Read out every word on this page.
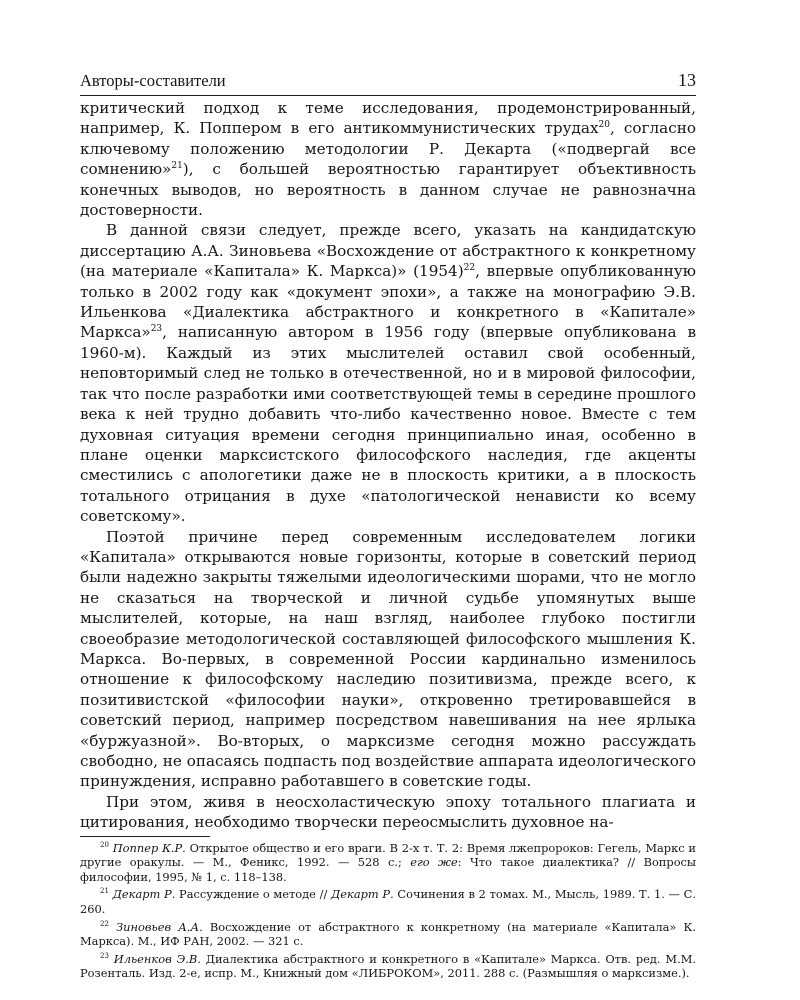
Авторы-составители	13

критический подход к теме исследования, продемонстрированный, например, К. Поппером в его антикоммунистических трудах$^{20}$, согласно ключевому положению методологии Р. Декарта («подвергай все сомнению»$^{21}$), с большей вероятностью гарантирует объективность конечных выводов, но вероятность в данном случае не равнозначна достоверности.

В данной связи следует, прежде всего, указать на кандидатскую диссертацию А.А. Зиновьева «Восхождение от абстрактного к конкретному (на материале «Капитала» К. Маркса)» $(1954)^{22}$, впервые опубликованную только в 2002 году как «документ эпохи», а также на монографию Э.В. Ильенкова «Диалектика абстрактного и конкретного в «Капитале» Маркса»$^{23}$, написанную автором в 1956 году (впервые опубликована в 1960-м). Каждый из этих мыслителей оставил свой особенный, неповторимый след не только в отечественной, но и в мировой философии, так что после разработки ими соответствующей темы в середине прошлого века к ней трудно добавить что-либо качественно новое. Вместе с тем духовная ситуация времени сегодня принципиально иная, особенно в плане оценки марксистского философского наследия, где акценты сместились с апологетики даже не в плоскость критики, а в плоскость тотального отрицания в духе «патологической ненависти ко всему советскому».

Поэтой причине перед современным исследователем логики «Капитала» открываются новые горизонты, которые в советский период были надежно закрыты тяжелыми идеологическими шорами, что не могло не сказаться на творческой и личной судьбе упомянутых выше мыслителей, которые, на наш взгляд, наиболее глубоко постигли своеобразие методологической составляющей философского мышления К. Маркса. Во-первых, в современной России кардинально изменилось отношение к философскому наследию позитивизма, прежде всего, к позитивистской «философии науки», откровенно третировавшейся в советский период, например посредством навешивания на нее ярлыка «буржуазной». Во-вторых, о марксизме сегодня можно рассуждать свободно, не опасаясь подпасть под воздействие аппарата идеологического принуждения, исправно работавшего в советские годы.

При этом, живя в неосхоластическую эпоху тотального плагиата и цитирования, необходимо творчески переосмыслить духовное на-

$^{20}$ Поппер К.Р. Открытое общество и его враги. В 2-х т. Т. 2: Время лжепророков: Гегель, Маркс и другие оракулы. — М., Феникс, 1992. — 528 с.; его же: Что такое диалектика? // Вопросы философии, 1995, № 1, с. 118–138.

$^{21}$ Декарт Р. Рассуждение о методе // Декарт Р. Сочинения в 2 томах. М., Мысль, 1989. Т. 1. — С. 260.

$^{22}$ Зиновьев А.А. Восхождение от абстрактного к конкретному (на материале «Капитала» К. Маркса). М., ИФ РАН, 2002. — 321 с.

$^{23}$ Ильенков Э.В. Диалектика абстрактного и конкретного в «Капитале» Маркса. Отв. ред. М.М. Розенталь. Изд. 2-е, испр. М., Книжный дом «ЛИБРОКОМ», 2011. 288 с. (Размышляя о марксизме.).
